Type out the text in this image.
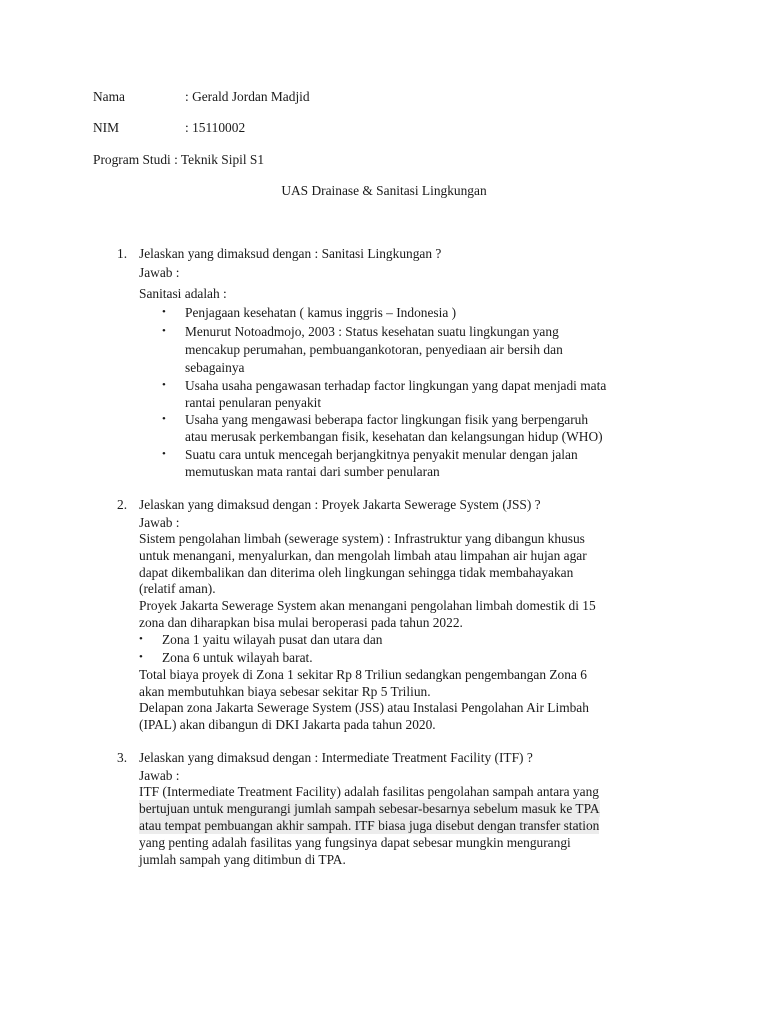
Nama	: Gerald Jordan Madjid
NIM	: 15110002
Program Studi : Teknik Sipil S1
UAS Drainase & Sanitasi Lingkungan
1. Jelaskan yang dimaksud dengan : Sanitasi Lingkungan ?
Jawab :
Sanitasi adalah :
• Penjagaan kesehatan ( kamus inggris – Indonesia )
• Menurut Notoadmojo, 2003 : Status kesehatan suatu lingkungan yang
mencakup perumahan, pembuangankotoran, penyediaan air bersih dan
sebagainya
• Usaha usaha pengawasan terhadap factor lingkungan yang dapat menjadi mata
rantai penularan penyakit
• Usaha yang mengawasi beberapa factor lingkungan fisik yang berpengaruh
atau merusak perkembangan fisik, kesehatan dan kelangsungan hidup (WHO)
• Suatu cara untuk mencegah berjangkitnya penyakit menular dengan jalan
memutuskan mata rantai dari sumber penularan
2. Jelaskan yang dimaksud dengan : Proyek Jakarta Sewerage System (JSS) ?
Jawab :
Sistem pengolahan limbah (sewerage system) : Infrastruktur yang dibangun khusus
untuk menangani, menyalurkan, dan mengolah limbah atau limpahan air hujan agar
dapat dikembalikan dan diterima oleh lingkungan sehingga tidak membahayakan
(relatif aman).
Proyek Jakarta Sewerage System akan menangani pengolahan limbah domestik di 15
zona dan diharapkan bisa mulai beroperasi pada tahun 2022.
• Zona 1 yaitu wilayah pusat dan utara dan
• Zona 6 untuk wilayah barat.
Total biaya proyek di Zona 1 sekitar Rp 8 Triliun sedangkan pengembangan Zona 6
akan membutuhkan biaya sebesar sekitar Rp 5 Triliun.
Delapan zona Jakarta Sewerage System (JSS) atau Instalasi Pengolahan Air Limbah
(IPAL) akan dibangun di DKI Jakarta pada tahun 2020.
3. Jelaskan yang dimaksud dengan : Intermediate Treatment Facility (ITF) ?
Jawab :
ITF (Intermediate Treatment Facility) adalah fasilitas pengolahan sampah antara yang
bertujuan untuk mengurangi jumlah sampah sebesar-besarnya sebelum masuk ke TPA
atau tempat pembuangan akhir sampah. ITF biasa juga disebut dengan transfer station
yang penting adalah fasilitas yang fungsinya dapat sebesar mungkin mengurangi
jumlah sampah yang ditimbun di TPA.
